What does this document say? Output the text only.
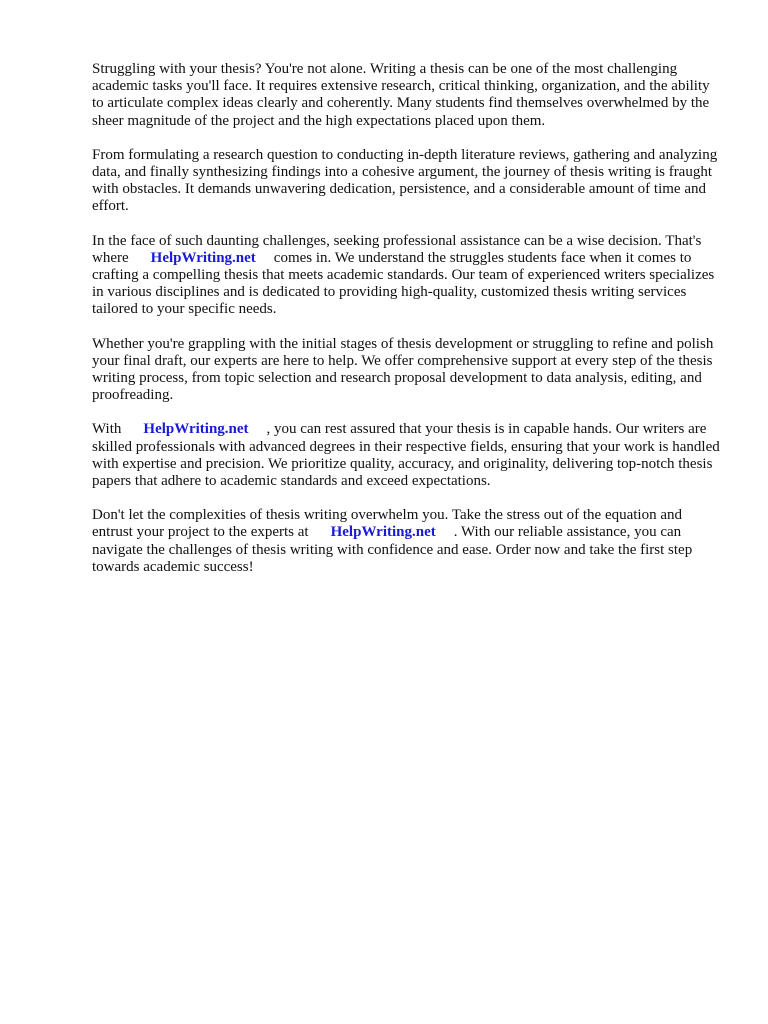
Struggling with your thesis? You're not alone. Writing a thesis can be one of the most challenging academic tasks you'll face. It requires extensive research, critical thinking, organization, and the ability to articulate complex ideas clearly and coherently. Many students find themselves overwhelmed by the sheer magnitude of the project and the high expectations placed upon them.

From formulating a research question to conducting in-depth literature reviews, gathering and analyzing data, and finally synthesizing findings into a cohesive argument, the journey of thesis writing is fraught with obstacles. It demands unwavering dedication, persistence, and a considerable amount of time and effort.

In the face of such daunting challenges, seeking professional assistance can be a wise decision. That's where HelpWriting.net comes in. We understand the struggles students face when it comes to crafting a compelling thesis that meets academic standards. Our team of experienced writers specializes in various disciplines and is dedicated to providing high-quality, customized thesis writing services tailored to your specific needs.

Whether you're grappling with the initial stages of thesis development or struggling to refine and polish your final draft, our experts are here to help. We offer comprehensive support at every step of the thesis writing process, from topic selection and research proposal development to data analysis, editing, and proofreading.

With HelpWriting.net , you can rest assured that your thesis is in capable hands. Our writers are skilled professionals with advanced degrees in their respective fields, ensuring that your work is handled with expertise and precision. We prioritize quality, accuracy, and originality, delivering top-notch thesis papers that adhere to academic standards and exceed expectations.

Don't let the complexities of thesis writing overwhelm you. Take the stress out of the equation and entrust your project to the experts at HelpWriting.net . With our reliable assistance, you can navigate the challenges of thesis writing with confidence and ease. Order now and take the first step towards academic success!
